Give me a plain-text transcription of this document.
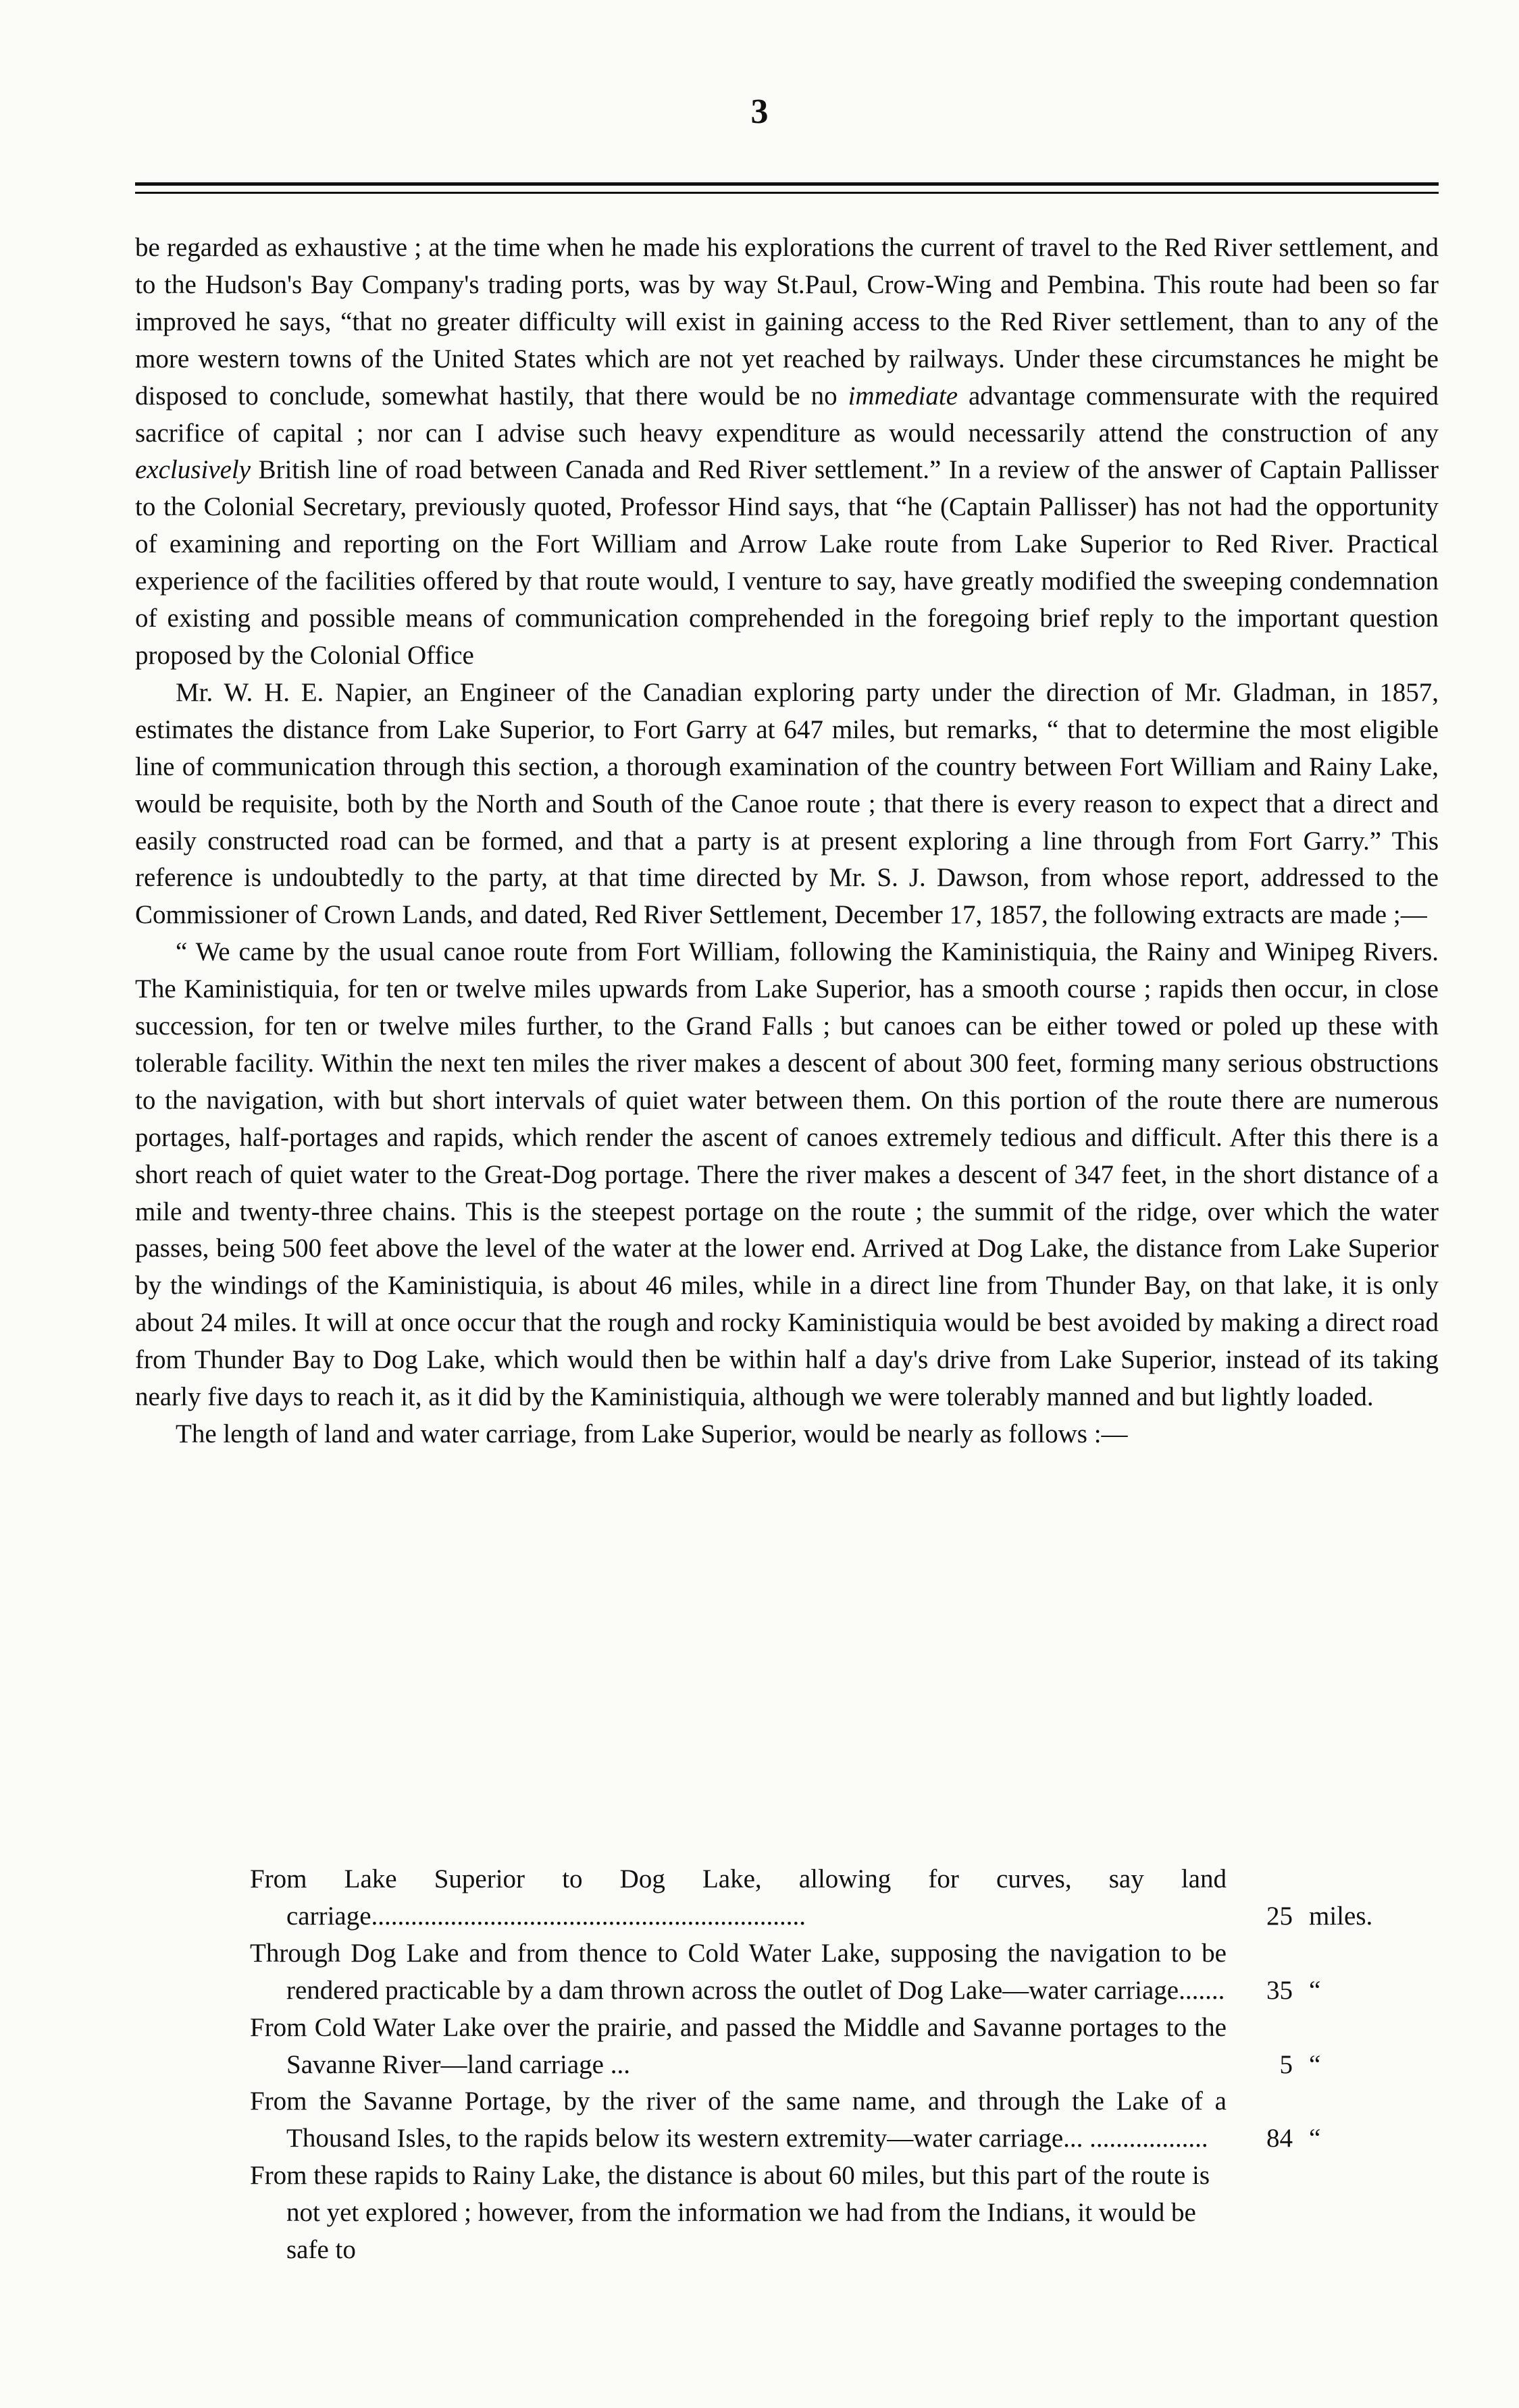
3

be regarded as exhaustive ; at the time when he made his explorations the current of travel to the Red River settlement, and to the Hudson's Bay Company's trading ports, was by way St.Paul, Crow-Wing and Pembina. This route had been so far improved he says, “that no greater difficulty will exist in gaining access to the Red River settlement, than to any of the more western towns of the United States which are not yet reached by railways. Under these circumstances he might be disposed to conclude, somewhat hastily, that there would be no immediate advantage commensurate with the required sacrifice of capital ; nor can I advise such heavy expenditure as would necessarily attend the construction of any exclusively British line of road between Canada and Red River settlement.” In a review of the answer of Captain Pallisser to the Colonial Secretary, previously quoted, Professor Hind says, that “he (Captain Pallisser) has not had the opportunity of examining and reporting on the Fort William and Arrow Lake route from Lake Superior to Red River. Practical experience of the facilities offered by that route would, I venture to say, have greatly modified the sweeping condemnation of existing and possible means of communication comprehended in the foregoing brief reply to the important question proposed by the Colonial Office

Mr. W. H. E. Napier, an Engineer of the Canadian exploring party under the direction of Mr. Gladman, in 1857, estimates the distance from Lake Superior, to Fort Garry at 647 miles, but remarks, “ that to determine the most eligible line of communication through this section, a thorough examination of the country between Fort William and Rainy Lake, would be requisite, both by the North and South of the Canoe route ; that there is every reason to expect that a direct and easily constructed road can be formed, and that a party is at present exploring a line through from Fort Garry.” This reference is undoubtedly to the party, at that time directed by Mr. S. J. Dawson, from whose report, addressed to the Commissioner of Crown Lands, and dated, Red River Settlement, December 17, 1857, the following extracts are made ;—

“ We came by the usual canoe route from Fort William, following the Kaministiquia, the Rainy and Winipeg Rivers. The Kaministiquia, for ten or twelve miles upwards from Lake Superior, has a smooth course ; rapids then occur, in close succession, for ten or twelve miles further, to the Grand Falls ; but canoes can be either towed or poled up these with tolerable facility. Within the next ten miles the river makes a descent of about 300 feet, forming many serious obstructions to the navigation, with but short intervals of quiet water between them. On this portion of the route there are numerous portages, half-portages and rapids, which render the ascent of canoes extremely tedious and difficult. After this there is a short reach of quiet water to the Great-Dog portage. There the river makes a descent of 347 feet, in the short distance of a mile and twenty-three chains. This is the steepest portage on the route ; the summit of the ridge, over which the water passes, being 500 feet above the level of the water at the lower end. Arrived at Dog Lake, the distance from Lake Superior by the windings of the Kaministiquia, is about 46 miles, while in a direct line from Thunder Bay, on that lake, it is only about 24 miles. It will at once occur that the rough and rocky Kaministiquia would be best avoided by making a direct road from Thunder Bay to Dog Lake, which would then be within half a day's drive from Lake Superior, instead of its taking nearly five days to reach it, as it did by the Kaministiquia, although we were tolerably manned and but lightly loaded.

The length of land and water carriage, from Lake Superior, would be nearly as follows :—

From Lake Superior to Dog Lake, allowing for curves, say land carriage..................................................................	25 miles.
Through Dog Lake and from thence to Cold Water Lake, supposing the navigation to be rendered practicable by a dam thrown across the outlet of Dog Lake—water carriage.......	35 “
From Cold Water Lake over the prairie, and passed the Middle and Savanne portages to the Savanne River—land carriage ...	5 “
From the Savanne Portage, by the river of the same name, and through the Lake of a Thousand Isles, to the rapids below its western extremity—water carriage... ..................	84 “
From these rapids to Rainy Lake, the distance is about 60 miles, but this part of the route is not yet explored ; however, from the information we had from the Indians, it would be safe to
